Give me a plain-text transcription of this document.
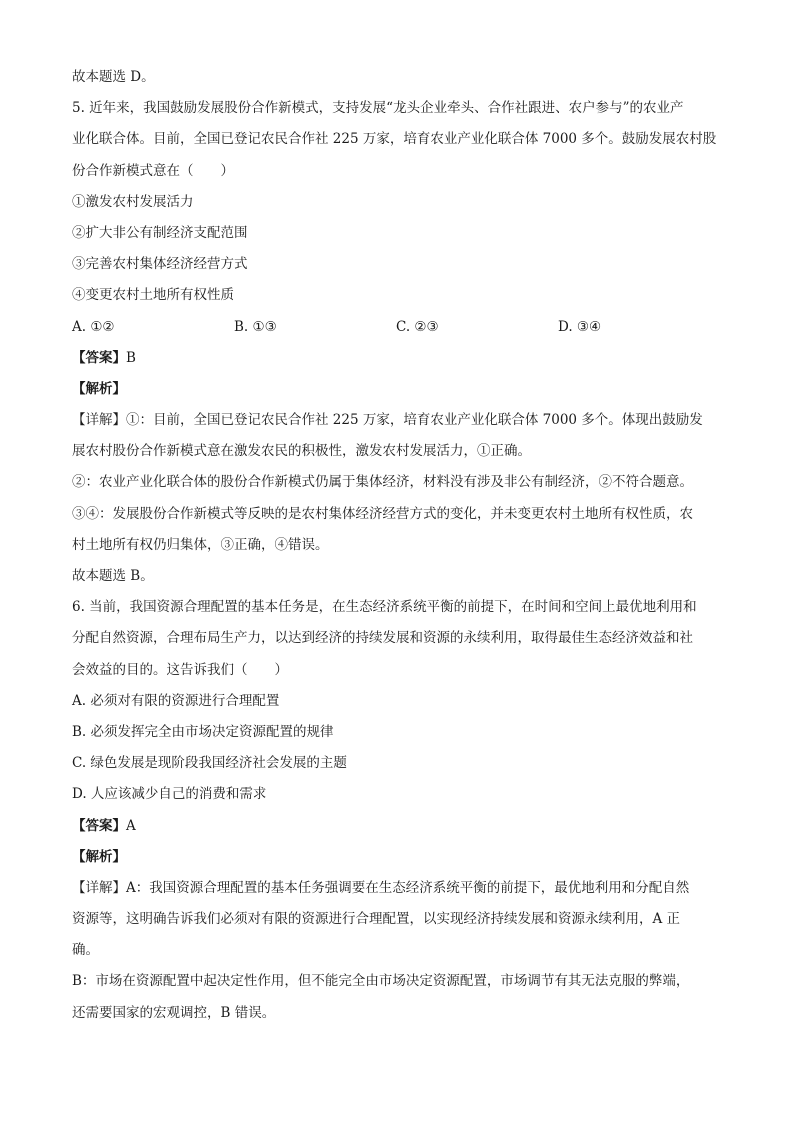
故本题选 D。
5. 近年来，我国鼓励发展股份合作新模式，支持发展“龙头企业牵头、合作社跟进、农户参与”的农业产
业化联合体。目前，全国已登记农民合作社 225 万家，培育农业产业化联合体 7000 多个。鼓励发展农村股
份合作新模式意在（　　）
①激发农村发展活力
②扩大非公有制经济支配范围
③完善农村集体经济经营方式
④变更农村土地所有权性质
A. ①②	B. ①③	C. ②③	D. ③④
【答案】B
【解析】
【详解】①：目前，全国已登记农民合作社 225 万家，培育农业产业化联合体 7000 多个。体现出鼓励发
展农村股份合作新模式意在激发农民的积极性，激发农村发展活力，①正确。
②：农业产业化联合体的股份合作新模式仍属于集体经济，材料没有涉及非公有制经济，②不符合题意。
③④：发展股份合作新模式等反映的是农村集体经济经营方式的变化，并未变更农村土地所有权性质，农
村土地所有权仍归集体，③正确，④错误。
故本题选 B。
6. 当前，我国资源合理配置的基本任务是，在生态经济系统平衡的前提下，在时间和空间上最优地利用和
分配自然资源，合理布局生产力，以达到经济的持续发展和资源的永续利用，取得最佳生态经济效益和社
会效益的目的。这告诉我们（　　）
A. 必须对有限的资源进行合理配置
B. 必须发挥完全由市场决定资源配置的规律
C. 绿色发展是现阶段我国经济社会发展的主题
D. 人应该减少自己的消费和需求
【答案】A
【解析】
【详解】A：我国资源合理配置的基本任务强调要在生态经济系统平衡的前提下，最优地利用和分配自然
资源等，这明确告诉我们必须对有限的资源进行合理配置，以实现经济持续发展和资源永续利用，A 正
确。
B：市场在资源配置中起决定性作用，但不能完全由市场决定资源配置，市场调节有其无法克服的弊端，
还需要国家的宏观调控，B 错误。
